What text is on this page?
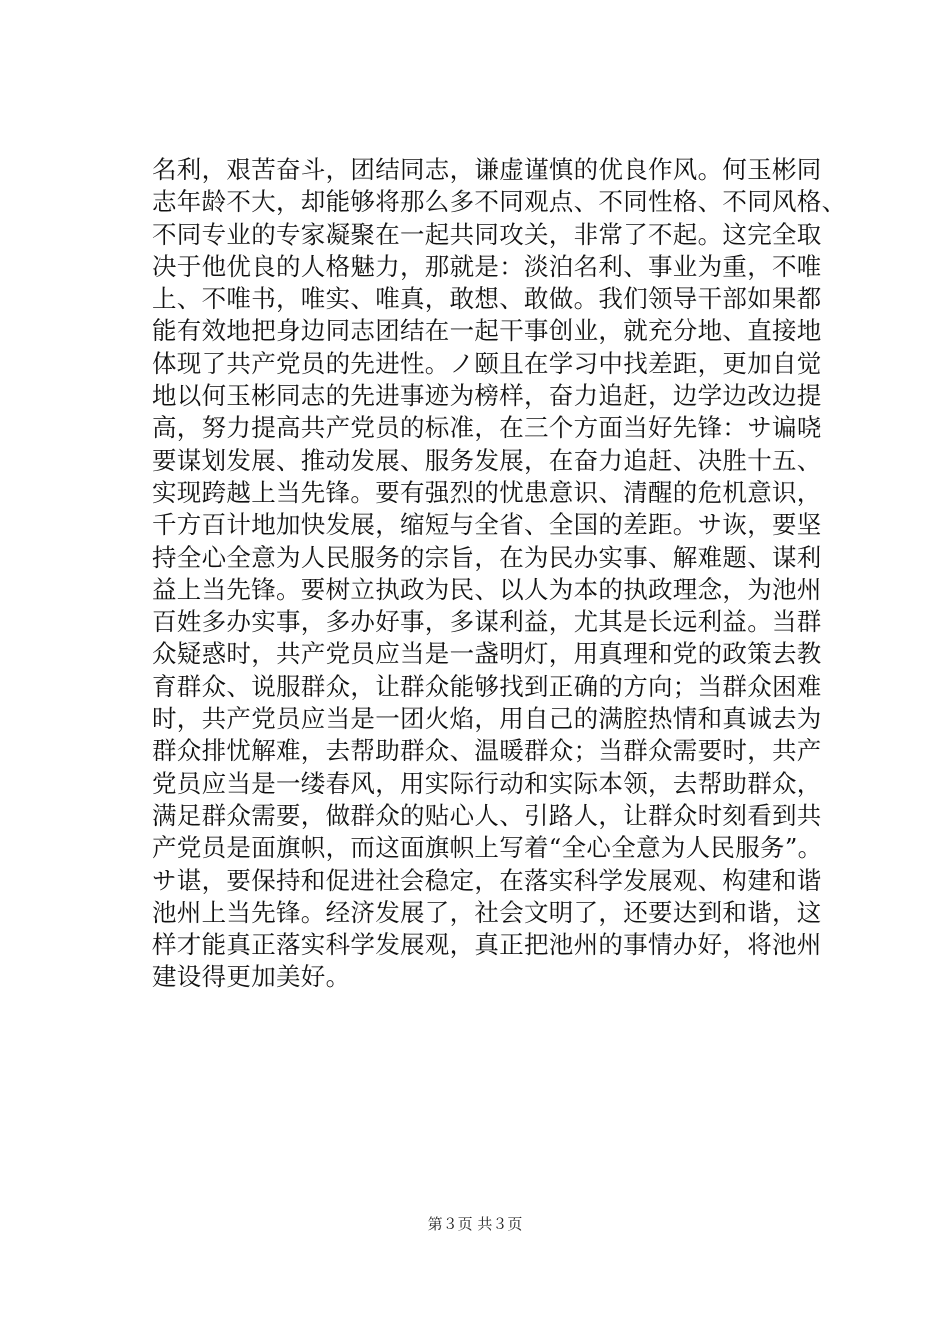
名利，艰苦奋斗，团结同志，谦虚谨慎的优良作风。何玉彬同
志年龄不大，却能够将那么多不同观点、不同性格、不同风格、
不同专业的专家凝聚在一起共同攻关，非常了不起。这完全取
决于他优良的人格魅力，那就是：淡泊名利、事业为重，不唯
上、不唯书，唯实、唯真，敢想、敢做。我们领导干部如果都
能有效地把身边同志团结在一起干事创业，就充分地、直接地
体现了共产党员的先进性。ノ颐且在学习中找差距，更加自觉
地以何玉彬同志的先进事迹为榜样，奋力追赶，边学边改边提
高，努力提高共产党员的标准，在三个方面当好先锋：サ谝哓
要谋划发展、推动发展、服务发展，在奋力追赶、决胜十五、
实现跨越上当先锋。要有强烈的忧患意识、清醒的危机意识，
千方百计地加快发展，缩短与全省、全国的差距。サ诙，要坚
持全心全意为人民服务的宗旨，在为民办实事、解难题、谋利
益上当先锋。要树立执政为民、以人为本的执政理念，为池州
百姓多办实事，多办好事，多谋利益，尤其是长远利益。当群
众疑惑时，共产党员应当是一盏明灯，用真理和党的政策去教
育群众、说服群众，让群众能够找到正确的方向；当群众困难
时，共产党员应当是一团火焰，用自己的满腔热情和真诚去为
群众排忧解难，去帮助群众、温暖群众；当群众需要时，共产
党员应当是一缕春风，用实际行动和实际本领，去帮助群众，
满足群众需要，做群众的贴心人、引路人，让群众时刻看到共
产党员是面旗帜，而这面旗帜上写着“全心全意为人民服务”。
サ谌，要保持和促进社会稳定，在落实科学发展观、构建和谐
池州上当先锋。经济发展了，社会文明了，还要达到和谐，这
样才能真正落实科学发展观，真正把池州的事情办好，将池州
建设得更加美好。
第３页 共３页
